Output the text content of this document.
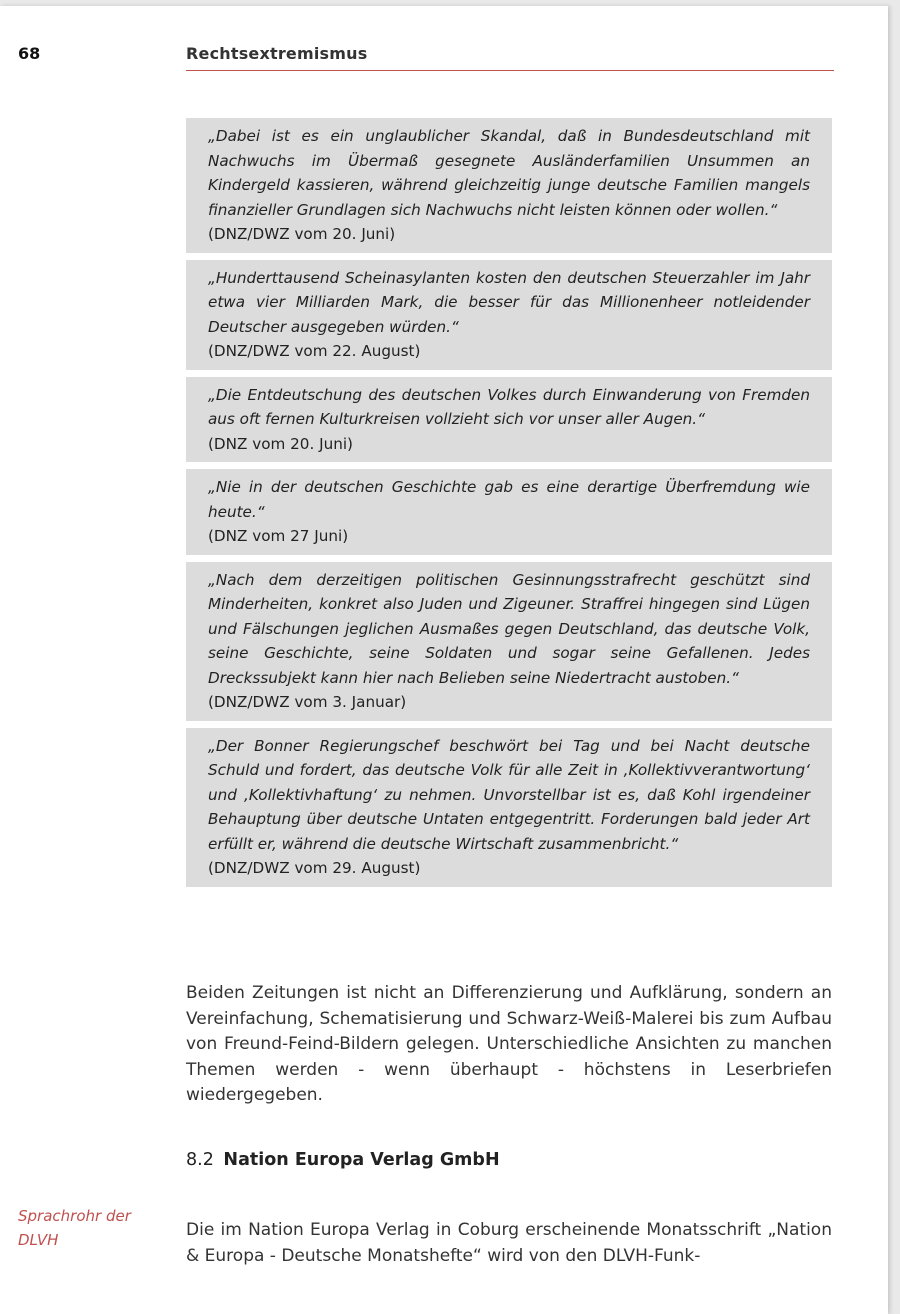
68	Rechtsextremismus
„Dabei ist es ein unglaublicher Skandal, daß in Bundesdeutschland mit Nachwuchs im Übermaß gesegnete Ausländerfamilien Unsummen an Kindergeld kassieren, während gleichzeitig junge deutsche Familien mangels finanzieller Grundlagen sich Nachwuchs nicht leisten können oder wollen.“
(DNZ/DWZ vom 20. Juni)
„Hunderttausend Scheinasylanten kosten den deutschen Steuerzahler im Jahr etwa vier Milliarden Mark, die besser für das Millionenheer notleidender Deutscher ausgegeben würden.“
(DNZ/DWZ vom 22. August)
„Die Entdeutschung des deutschen Volkes durch Einwanderung von Fremden aus oft fernen Kulturkreisen vollzieht sich vor unser aller Augen.“
(DNZ vom 20. Juni)
„Nie in der deutschen Geschichte gab es eine derartige Überfremdung wie heute.“
(DNZ vom 27 Juni)
„Nach dem derzeitigen politischen Gesinnungsstrafrecht geschützt sind Minderheiten, konkret also Juden und Zigeuner. Straffrei hingegen sind Lügen und Fälschungen jeglichen Ausmaßes gegen Deutschland, das deutsche Volk, seine Geschichte, seine Soldaten und sogar seine Gefallenen. Jedes Dreckssubjekt kann hier nach Belieben seine Niedertracht austoben.“
(DNZ/DWZ vom 3. Januar)
„Der Bonner Regierungschef beschwört bei Tag und bei Nacht deutsche Schuld und fordert, das deutsche Volk für alle Zeit in ‚Kollektivverantwortung‘ und ‚Kollektivhaftung‘ zu nehmen. Unvorstellbar ist es, daß Kohl irgendeiner Behauptung über deutsche Untaten entgegentritt. Forderungen bald jeder Art erfüllt er, während die deutsche Wirtschaft zusammenbricht.“
(DNZ/DWZ vom 29. August)

Beiden Zeitungen ist nicht an Differenzierung und Aufklärung, sondern an Vereinfachung, Schematisierung und Schwarz-Weiß-Malerei bis zum Aufbau von Freund-Feind-Bildern gelegen. Unterschiedliche Ansichten zu manchen Themen werden - wenn überhaupt - höchstens in Leserbriefen wiedergegeben.

8.2 Nation Europa Verlag GmbH
Sprachrohr der DLVH	Die im Nation Europa Verlag in Coburg erscheinende Monatsschrift „Nation & Europa - Deutsche Monatshefte“ wird von den DLVH-Funk-
